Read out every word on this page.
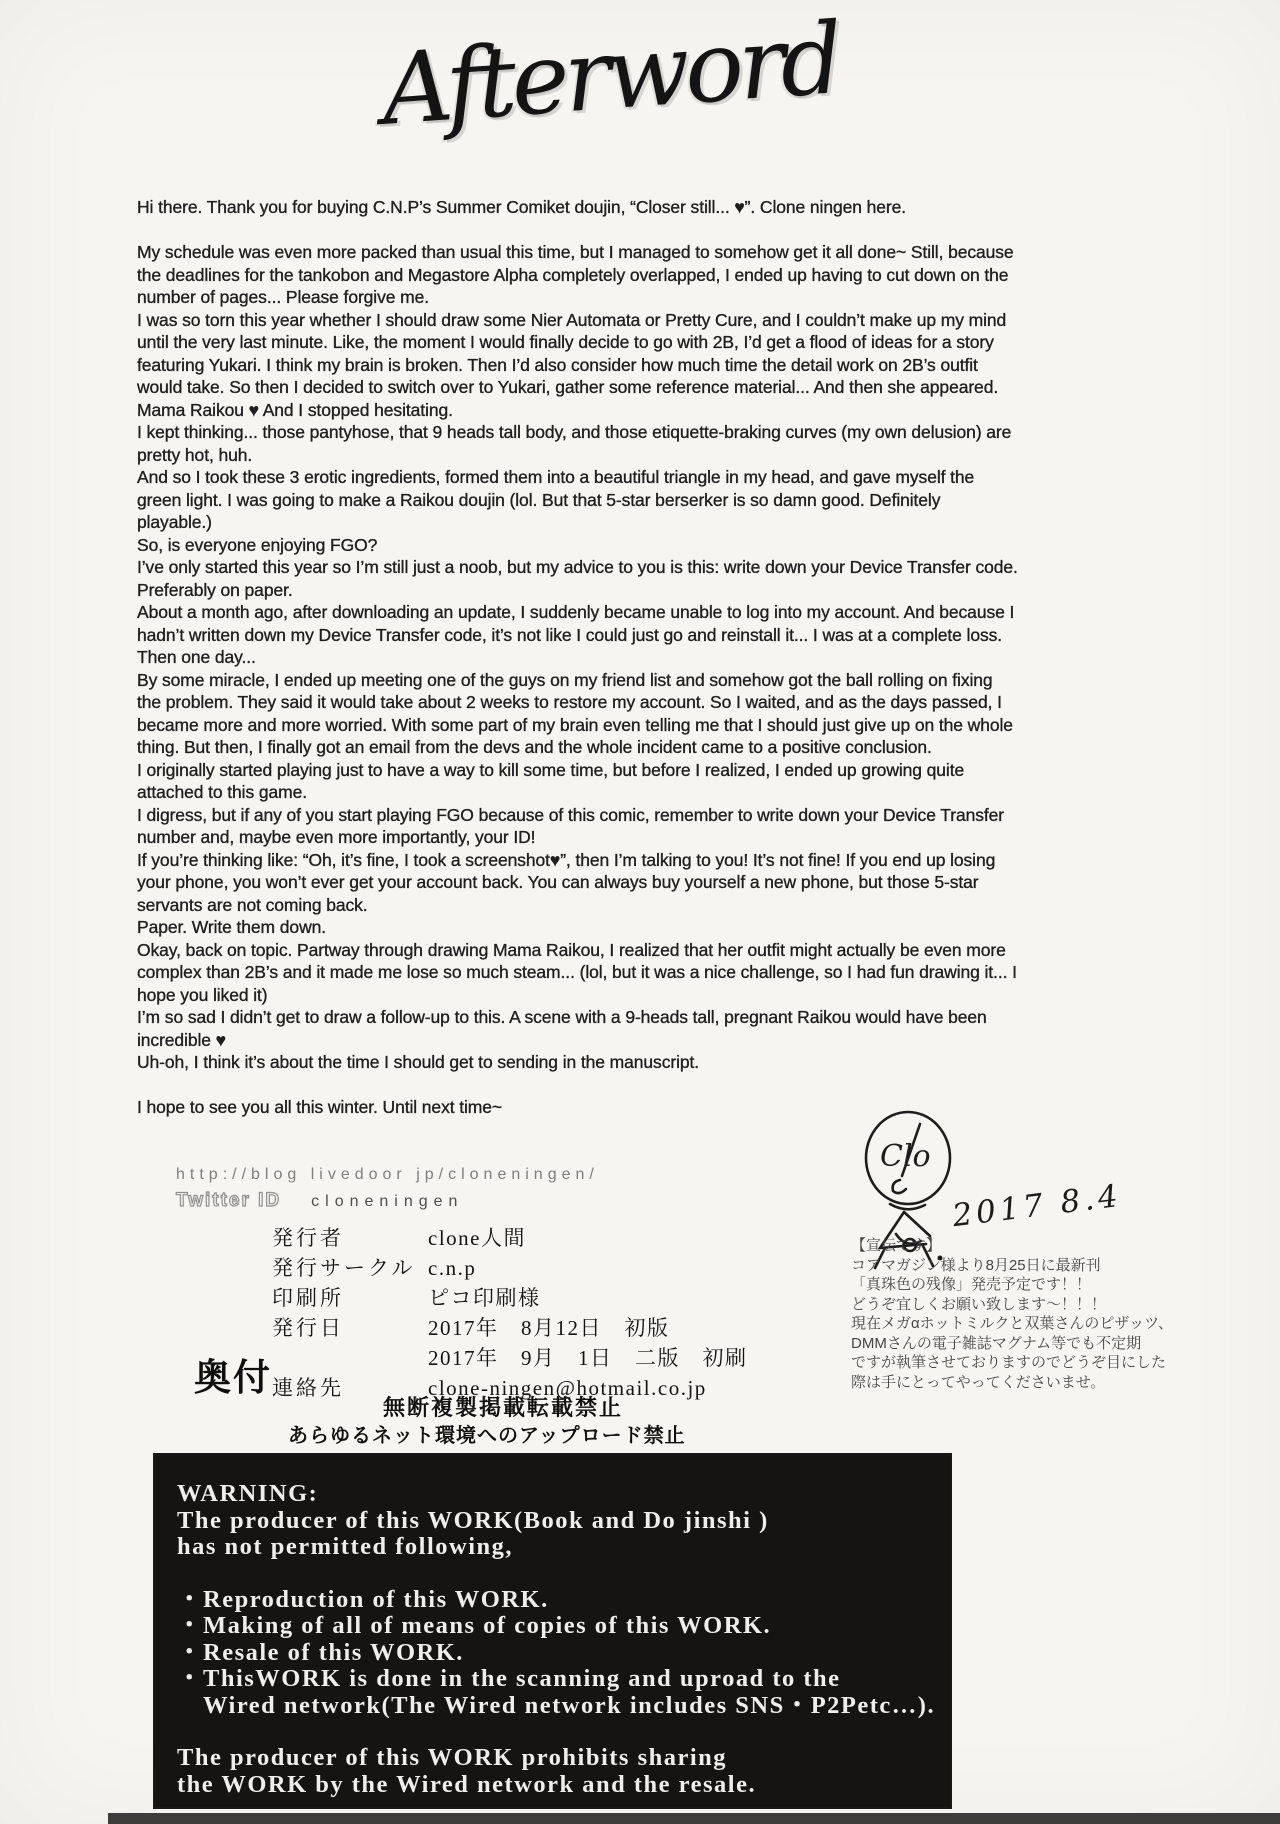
Afterword

Hi there. Thank you for buying C.N.P’s Summer Comiket doujin, “Closer still... ♥”. Clone ningen here.

My schedule was even more packed than usual this time, but I managed to somehow get it all done~ Still, because the deadlines for the tankobon and Megastore Alpha completely overlapped, I ended up having to cut down on the number of pages... Please forgive me.

I was so torn this year whether I should draw some Nier Automata or Pretty Cure, and I couldn’t make up my mind until the very last minute. Like, the moment I would finally decide to go with 2B, I’d get a flood of ideas for a story featuring Yukari. I think my brain is broken. Then I’d also consider how much time the detail work on 2B’s outfit would take. So then I decided to switch over to Yukari, gather some reference material... And then she appeared. Mama Raikou ♥ And I stopped hesitating.

I kept thinking... those pantyhose, that 9 heads tall body, and those etiquette-braking curves (my own delusion) are pretty hot, huh.

And so I took these 3 erotic ingredients, formed them into a beautiful triangle in my head, and gave myself the green light. I was going to make a Raikou doujin (lol. But that 5-star berserker is so damn good. Definitely playable.)

So, is everyone enjoying FGO?

I’ve only started this year so I’m still just a noob, but my advice to you is this: write down your Device Transfer code. Preferably on paper.

About a month ago, after downloading an update, I suddenly became unable to log into my account. And because I hadn’t written down my Device Transfer code, it’s not like I could just go and reinstall it... I was at a complete loss.

Then one day...

By some miracle, I ended up meeting one of the guys on my friend list and somehow got the ball rolling on fixing the problem. They said it would take about 2 weeks to restore my account. So I waited, and as the days passed, I became more and more worried. With some part of my brain even telling me that I should just give up on the whole thing. But then, I finally got an email from the devs and the whole incident came to a positive conclusion.

I originally started playing just to have a way to kill some time, but before I realized, I ended up growing quite attached to this game.

I digress, but if any of you start playing FGO because of this comic, remember to write down your Device Transfer number and, maybe even more importantly, your ID!

If you’re thinking like: “Oh, it’s fine, I took a screenshot♥”, then I’m talking to you! It’s not fine! If you end up losing your phone, you won’t ever get your account back. You can always buy yourself a new phone, but those 5-star servants are not coming back.

Paper. Write them down.

Okay, back on topic. Partway through drawing Mama Raikou, I realized that her outfit might actually be even more complex than 2B’s and it made me lose so much steam... (lol, but it was a nice challenge, so I had fun drawing it... I hope you liked it)

I’m so sad I didn’t get to draw a follow-up to this. A scene with a 9-heads tall, pregnant Raikou would have been incredible ♥

Uh-oh, I think it’s about the time I should get to sending in the manuscript.

I hope to see you all this winter. Until next time~

http://blog livedoor jp/cloneningen/
Twitter ID cloneningen
Clo
2017 8.4
奥付
発行者	clone人間
発行サークル c.n.p
印刷所	ピコ印刷様
発行日	2017年　8月12日　初版
2017年　9月　1日　二版　初刷
連絡先	clone-ningen@hotmail.co.jp
無断複製掲載転載禁止
あらゆるネット環境へのアップロード禁止
【宣伝です】
コアマガジン様より8月25日に最新刊
「真珠色の残像」発売予定です！！
どうぞ宜しくお願い致します～！！！
現在メガαホットミルクと双葉さんのピザッツ、
DMMさんの電子雑誌マグナム等でも不定期
ですが執筆させておりますのでどうぞ目にした
際は手にとってやってくださいませ。
WARNING:
The producer of this WORK(Book and Do jinshi )
has not permitted following,
・Reproduction of this WORK.
・Making of all of means of copies of this WORK.
・Resale of this WORK.
・ThisWORK is done in the scanning and uproad to the
　Wired network(The Wired network includes SNS・P2Petc…).
The producer of this WORK prohibits sharing
the WORK by the Wired network and the resale.
